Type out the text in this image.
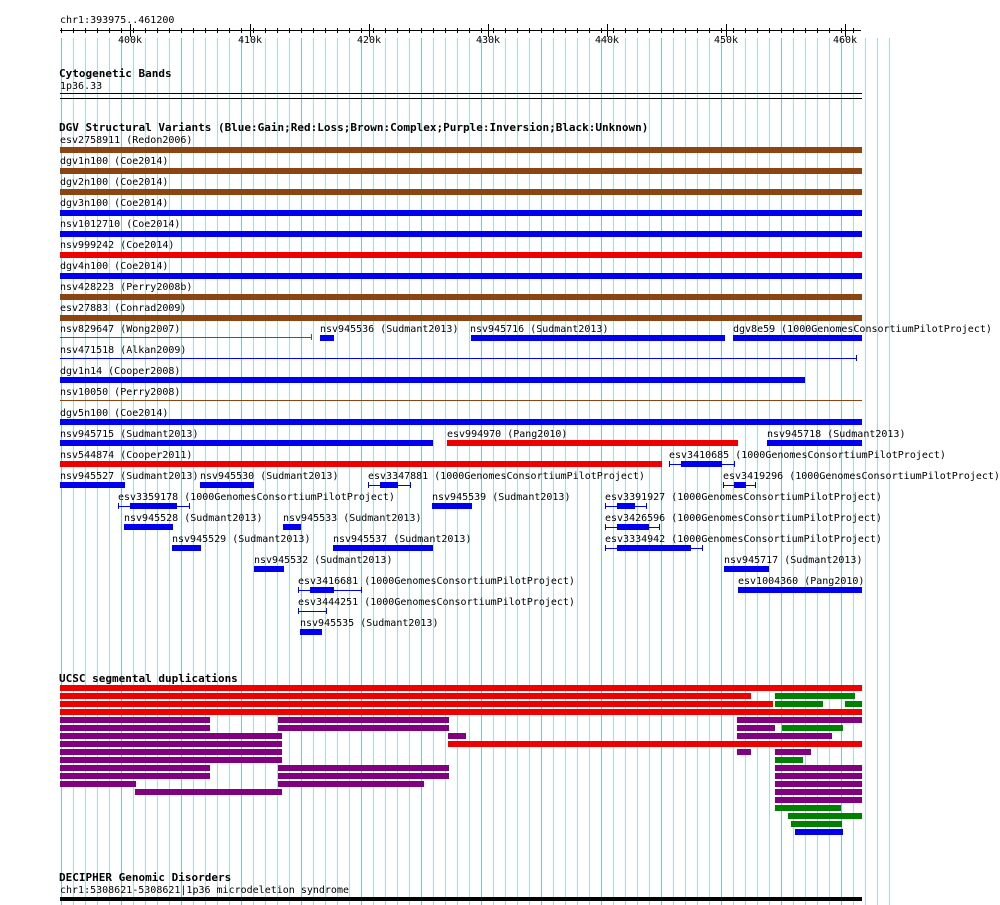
chr1:393975..461200
400k	410k	420k	430k	440k	450k	460k
Cytogenetic Bands
1p36.33
DGV Structural Variants (Blue:Gain;Red:Loss;Brown:Complex;Purple:Inversion;Black:Unknown)
esv2758911 (Redon2006)
dgv1n100 (Coe2014)
dgv2n100 (Coe2014)
dgv3n100 (Coe2014)
nsv1012710 (Coe2014)
nsv999242 (Coe2014)
dgv4n100 (Coe2014)
nsv428223 (Perry2008b)
esv27883 (Conrad2009)
nsv829647 (Wong2007)	nsv945536 (Sudmant2013) nsv945716 (Sudmant2013)	dgv8e59 (1000GenomesConsortiumPilotProject)
nsv471518 (Alkan2009)
dgv1n14 (Cooper2008)
nsv10050 (Perry2008)
dgv5n100 (Coe2014)
nsv945715 (Sudmant2013)	esv994970 (Pang2010)	nsv945718 (Sudmant2013)
nsv544874 (Cooper2011)	esv3410685 (1000GenomesConsortiumPilotProject)
nsv945527 (Sudmant2013) nsv945530 (Sudmant2013)	esv3347881 (1000GenomesConsortiumPilotProject)	esv3419296 (1000GenomesConsortiumPilotProject)
esv3359178 (1000GenomesConsortiumPilotProject)	nsv945539 (Sudmant2013)	esv3391927 (1000GenomesConsortiumPilotProject)
nsv945528 (Sudmant2013) nsv945533 (Sudmant2013)	esv3426596 (1000GenomesConsortiumPilotProject)
nsv945529 (Sudmant2013) nsv945537 (Sudmant2013)	esv3334942 (1000GenomesConsortiumPilotProject)
nsv945532 (Sudmant2013)	nsv945717 (Sudmant2013)
esv3416681 (1000GenomesConsortiumPilotProject)	esv1004360 (Pang2010)
esv3444251 (1000GenomesConsortiumPilotProject)
nsv945535 (Sudmant2013)
UCSC segmental duplications
DECIPHER Genomic Disorders
chr1:5308621-5308621|1p36 microdeletion syndrome
